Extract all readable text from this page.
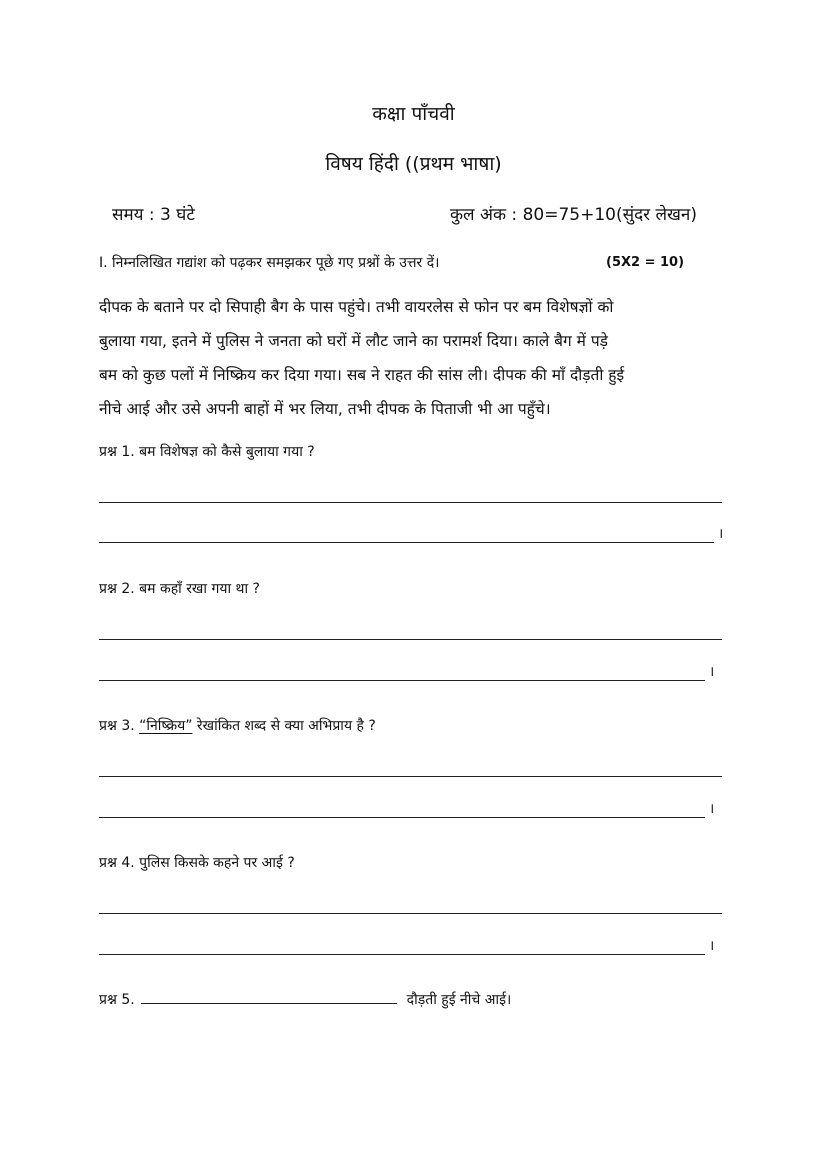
कक्षा पाँचवी
विषय हिंदी ((प्रथम भाषा)
समय : 3 घंटे	कुल अंक : 80=75+10(सुंदर लेखन)
I. निम्नलिखित गद्यांश को पढ़कर समझकर पूछे गए प्रश्नों के उत्तर दें।	(5X2 = 10)
दीपक के बताने पर दो सिपाही बैग के पास पहुंचे। तभी वायरलेस से फोन पर बम विशेषज्ञों को
बुलाया गया, इतने में पुलिस ने जनता को घरों में लौट जाने का परामर्श दिया। काले बैग में पड़े
बम को कुछ पलों में निष्क्रिय कर दिया गया। सब ने राहत की सांस ली। दीपक की माँ दौड़ती हुई
नीचे आई और उसे अपनी बाहों में भर लिया, तभी दीपक के पिताजी भी आ पहुँचे।
प्रश्न 1. बम विशेषज्ञ को कैसे बुलाया गया ?
।
प्रश्न 2. बम कहाँ रखा गया था ?
।
प्रश्न 3. “निष्क्रिय” रेखांकित शब्द से क्या अभिप्राय है ?
।
प्रश्न 4. पुलिस किसके कहने पर आई ?
।
प्रश्न 5.	दौड़ती हुई नीचे आई।
